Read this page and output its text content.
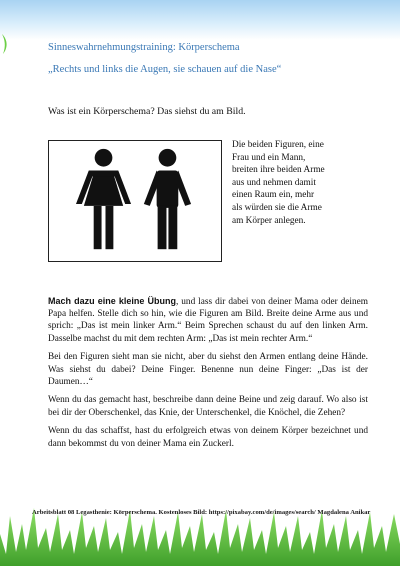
Sinneswahrnehmungstraining: Körperschema
„Rechts und links die Augen, sie schauen auf die Nase“
Was ist ein Körperschema? Das siehst du am Bild.
Die beiden Figuren, eine Frau und ein Mann, breiten ihre beiden Arme aus und nehmen damit einen Raum ein, mehr als würden sie die Arme am Körper anlegen.

Mach dazu eine kleine Übung, und lass dir dabei von deiner Mama oder deinem Papa helfen. Stelle dich so hin, wie die Figuren am Bild. Breite deine Arme aus und sprich: „Das ist mein linker Arm.“ Beim Sprechen schaust du auf den linken Arm. Dasselbe machst du mit dem rechten Arm: „Das ist mein rechter Arm.“

Bei den Figuren sieht man sie nicht, aber du siehst den Armen entlang deine Hände. Was siehst du dabei? Deine Finger. Benenne nun deine Finger: „Das ist der Daumen…“

Wenn du das gemacht hast, beschreibe dann deine Beine und zeig darauf. Wo also ist bei dir der Oberschenkel, das Knie, der Unterschenkel, die Knöchel, die Zehen?

Wenn du das schaffst, hast du erfolgreich etwas von deinem Körper bezeichnet und dann bekommst du von deiner Mama ein Zuckerl.

Arbeitsblatt 08 Legasthenie: Körperschema. Kostenloses Bild: https://pixabay.com/de/images/search/ Magdalena Anikar
